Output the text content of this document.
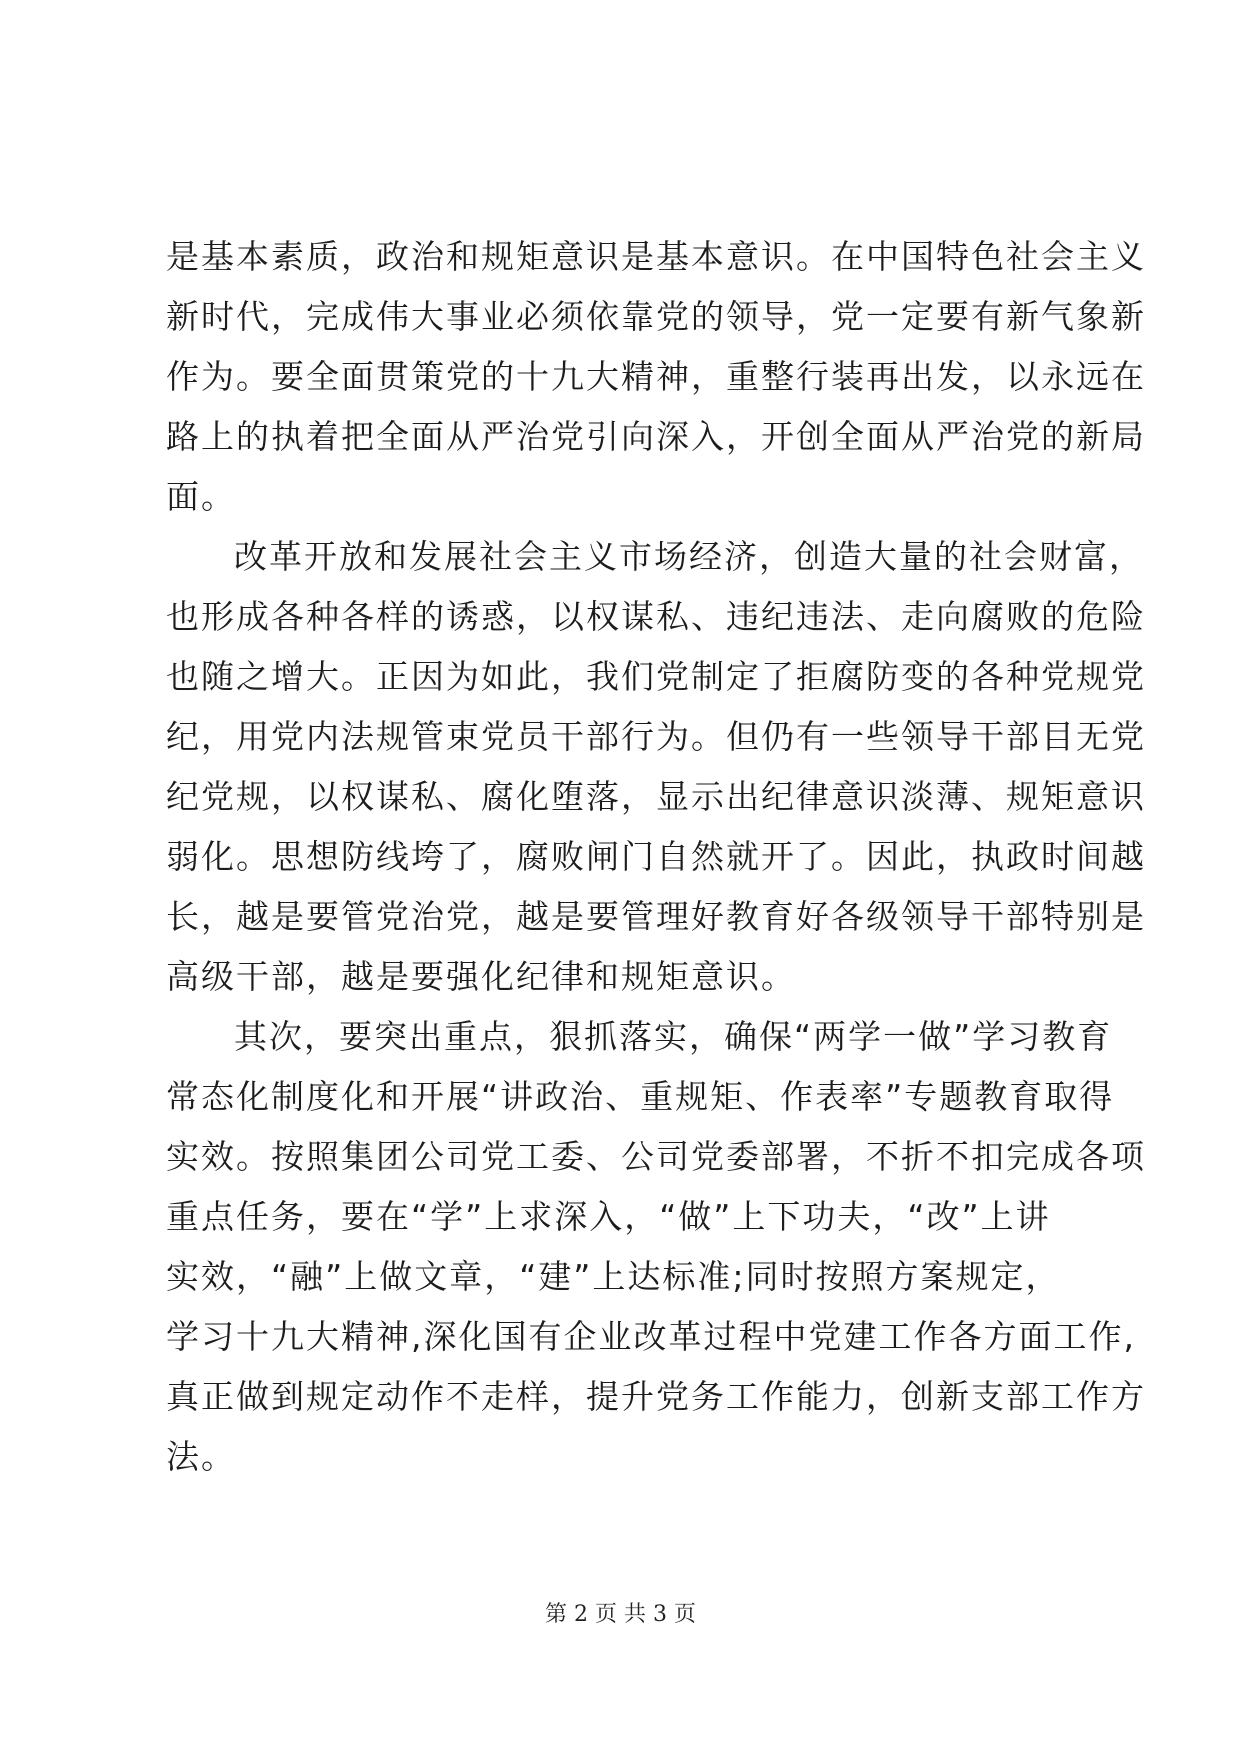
是基本素质，政治和规矩意识是基本意识。在中国特色社会主义
新时代，完成伟大事业必须依靠党的领导，党一定要有新气象新
作为。要全面贯策党的十九大精神，重整行装再出发，以永远在
路上的执着把全面从严治党引向深入，开创全面从严治党的新局
面。
改革开放和发展社会主义市场经济，创造大量的社会财富，
也形成各种各样的诱惑，以权谋私、违纪违法、走向腐败的危险
也随之增大。正因为如此，我们党制定了拒腐防变的各种党规党
纪，用党内法规管束党员干部行为。但仍有一些领导干部目无党
纪党规，以权谋私、腐化堕落，显示出纪律意识淡薄、规矩意识
弱化。思想防线垮了，腐败闸门自然就开了。因此，执政时间越
长，越是要管党治党，越是要管理好教育好各级领导干部特别是
高级干部，越是要强化纪律和规矩意识。
其次，要突出重点，狠抓落实，确保“两学一做”学习教育
常态化制度化和开展“讲政治、重规矩、作表率”专题教育取得
实效。按照集团公司党工委、公司党委部署，不折不扣完成各项
重点任务，要在“学”上求深入，“做”上下功夫，“改”上讲
实效，“融”上做文章，“建”上达标准;同时按照方案规定，
学习十九大精神,深化国有企业改革过程中党建工作各方面工作,
真正做到规定动作不走样，提升党务工作能力，创新支部工作方
法。
第 2 页 共 3 页
